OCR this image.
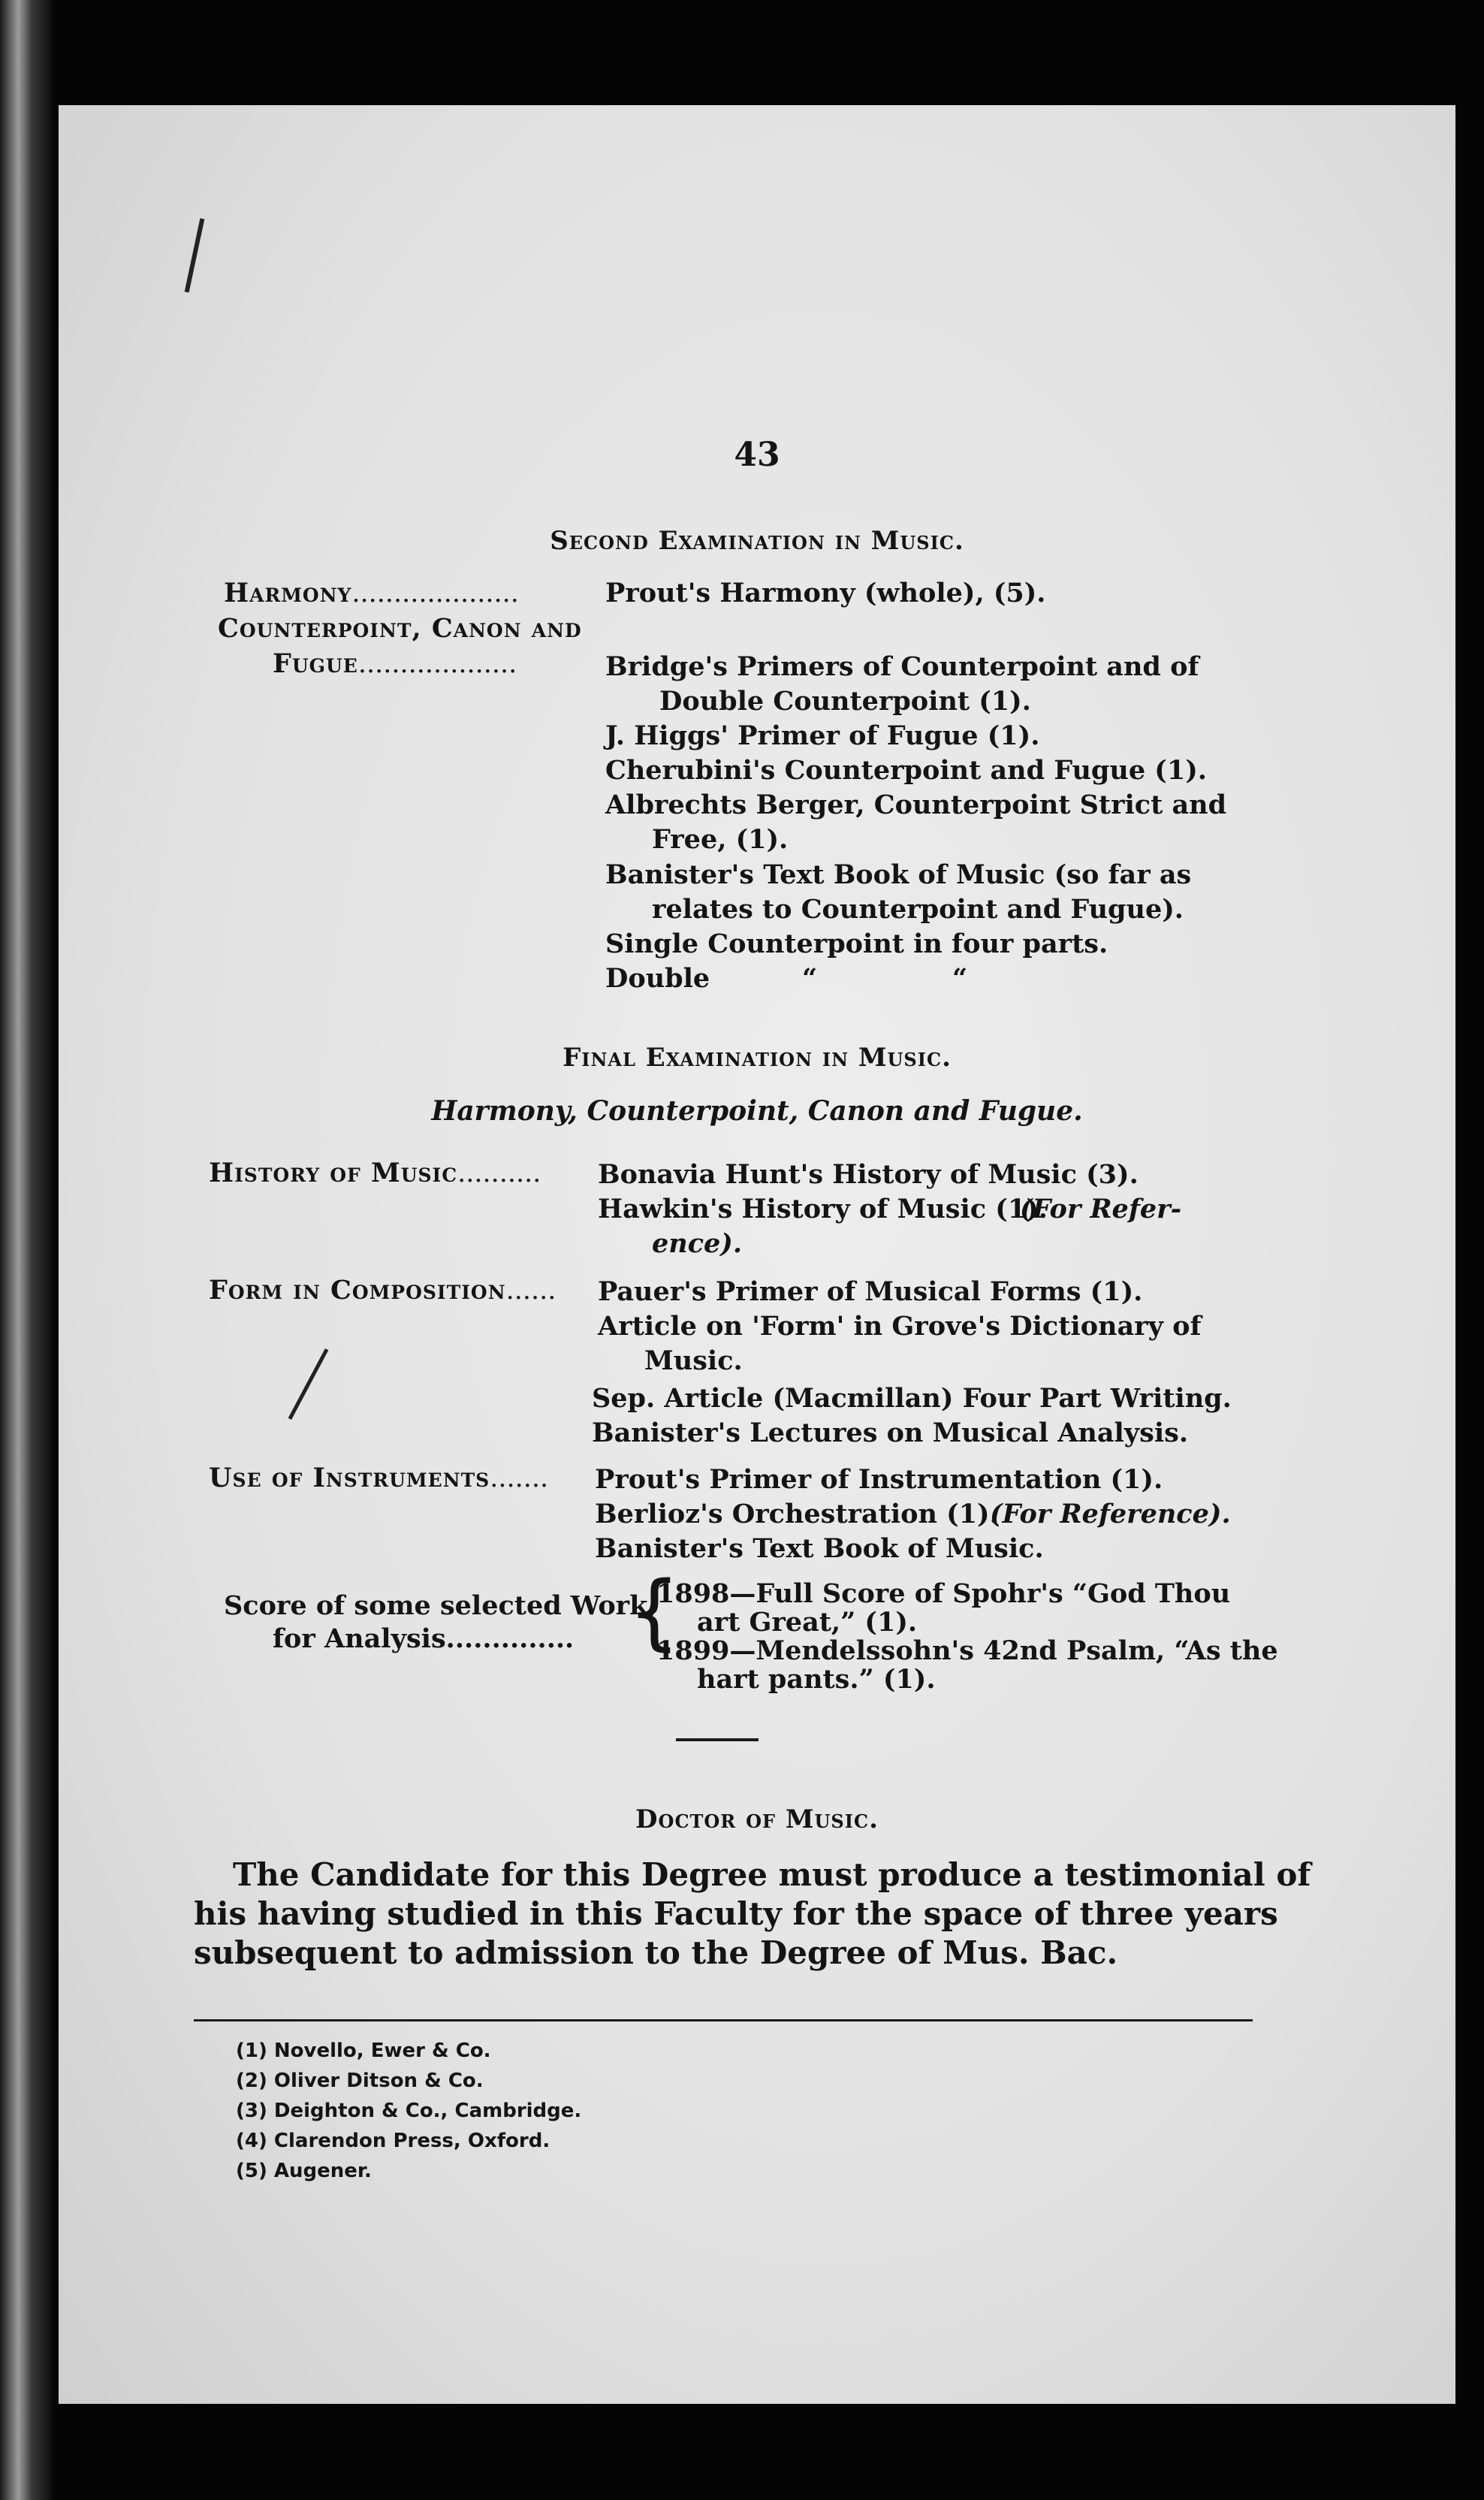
43
Second Examination in Music.
Harmony....................	Prout's Harmony (whole), (5).
Counterpoint, Canon and
Fugue...................	Bridge's Primers of Counterpoint and of
Double Counterpoint (1).
J. Higgs' Primer of Fugue (1).
Cherubini's Counterpoint and Fugue (1).
Albrechts Berger, Counterpoint Strict and
Free, (1).
Banister's Text Book of Music (so far as
relates to Counterpoint and Fugue).
Single Counterpoint in four parts.
Double	“	“
Final Examination in Music.
Harmony, Counterpoint, Canon and Fugue.
History of Music.......... Bonavia Hunt's History of Music (3).
Hawkin's History of Music (1).
(For Refer-
ence).
Form in Composition...... Pauer's Primer of Musical Forms (1).
Article on 'Form' in Grove's Dictionary of
Music.
Sep. Article (Macmillan) Four Part Writing.
Banister's Lectures on Musical Analysis.
Use of Instruments....... Prout's Primer of Instrumentation (1).
Berlioz's Orchestration (1).
(For Reference).
Banister's Text Book of Music.
Score of some selected Work,
for Analysis.............. {
1898—Full Score of Spohr's “God Thou
art Great,” (1).
1899—Mendelssohn's 42nd Psalm, “As the
hart pants.” (1).
Doctor of Music.
The Candidate for this Degree must produce a testimonial of
his having studied in this Faculty for the space of three years
subsequent to admission to the Degree of Mus. Bac.
(1) Novello, Ewer & Co.
(2) Oliver Ditson & Co.
(3) Deighton & Co., Cambridge.
(4) Clarendon Press, Oxford.
(5) Augener.
